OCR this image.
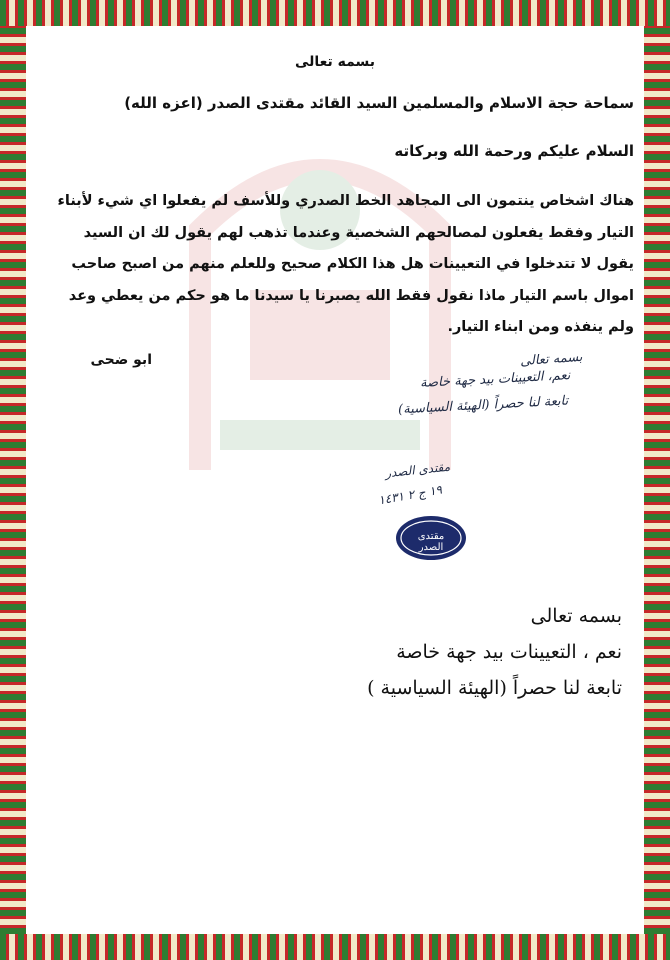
بسمه تعالى
سماحة حجة الاسلام والمسلمين السيد القائد مقتدى الصدر (اعزه الله)
السلام عليكم ورحمة الله وبركاته
هناك اشخاص ينتمون الى المجاهد الخط الصدري وللأسف لم يفعلوا اي شيء لأبناء التيار وفقط يفعلون لمصالحهم الشخصية وعندما تذهب لهم يقول لك ان السيد يقول لا تتدخلوا في التعيينات هل هذا الكلام صحيح وللعلم منهم من اصبح صاحب اموال باسم التيار ماذا نقول فقط الله يصبرنا يا سيدنا ما هو حكم من يعطي وعد ولم ينفذه ومن ابناء التيار.
ابو ضحى	بسمه تعالى
نعم، التعيينات بيد جهة خاصة
تابعة لنا حصراً (الهيئة السياسية)
مقتدى الصدر
١٩ ج ٢ ١٤٣١
مقتدى الصدر
بسمه تعالى
نعم ، التعيينات بيد جهة خاصة
تابعة لنا حصراً (الهيئة السياسية )
